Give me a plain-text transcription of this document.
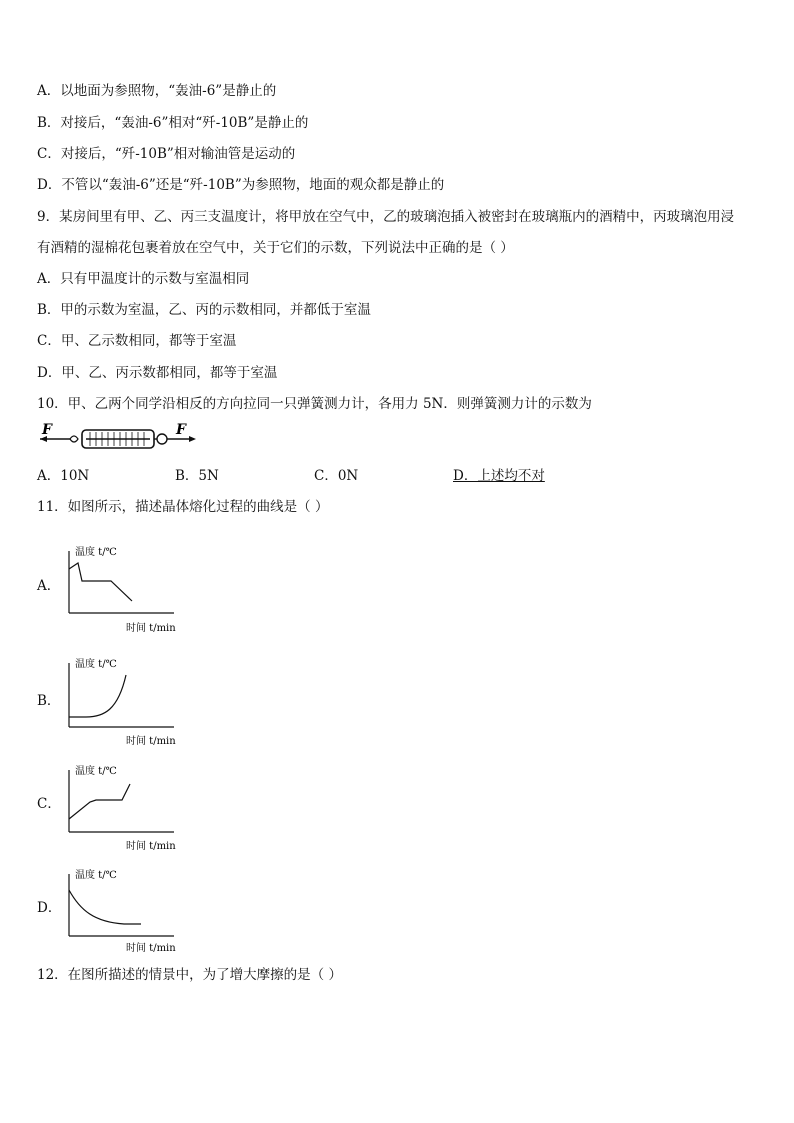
A．以地面为参照物，“轰油-6”是静止的
B．对接后，“轰油-6”相对“歼-10B”是静止的
C．对接后，“歼-10B”相对输油管是运动的
D．不管以“轰油-6”还是“歼-10B”为参照物，地面的观众都是静止的
9．某房间里有甲、乙、丙三支温度计，将甲放在空气中，乙的玻璃泡插入被密封在玻璃瓶内的酒精中，丙玻璃泡用浸
有酒精的湿棉花包裹着放在空气中，关于它们的示数，下列说法中正确的是（ ）
A．只有甲温度计的示数与室温相同
B．甲的示数为室温，乙、丙的示数相同，并都低于室温
C．甲、乙示数相同，都等于室温
D．甲、乙、丙示数都相同，都等于室温
10．甲、乙两个同学沿相反的方向拉同一只弹簧测力计，各用力 5N．则弹簧测力计的示数为
F	F
A．10N	B．5N	C．0N	D．上述均不对
11．如图所示，描述晶体熔化过程的曲线是（ ）
A．
温度 t/℃
时间 t/min
B．
温度 t/℃
时间 t/min
C．
温度 t/℃
时间 t/min
D．
温度 t/℃
时间 t/min
12．在图所描述的情景中，为了增大摩擦的是（ ）
